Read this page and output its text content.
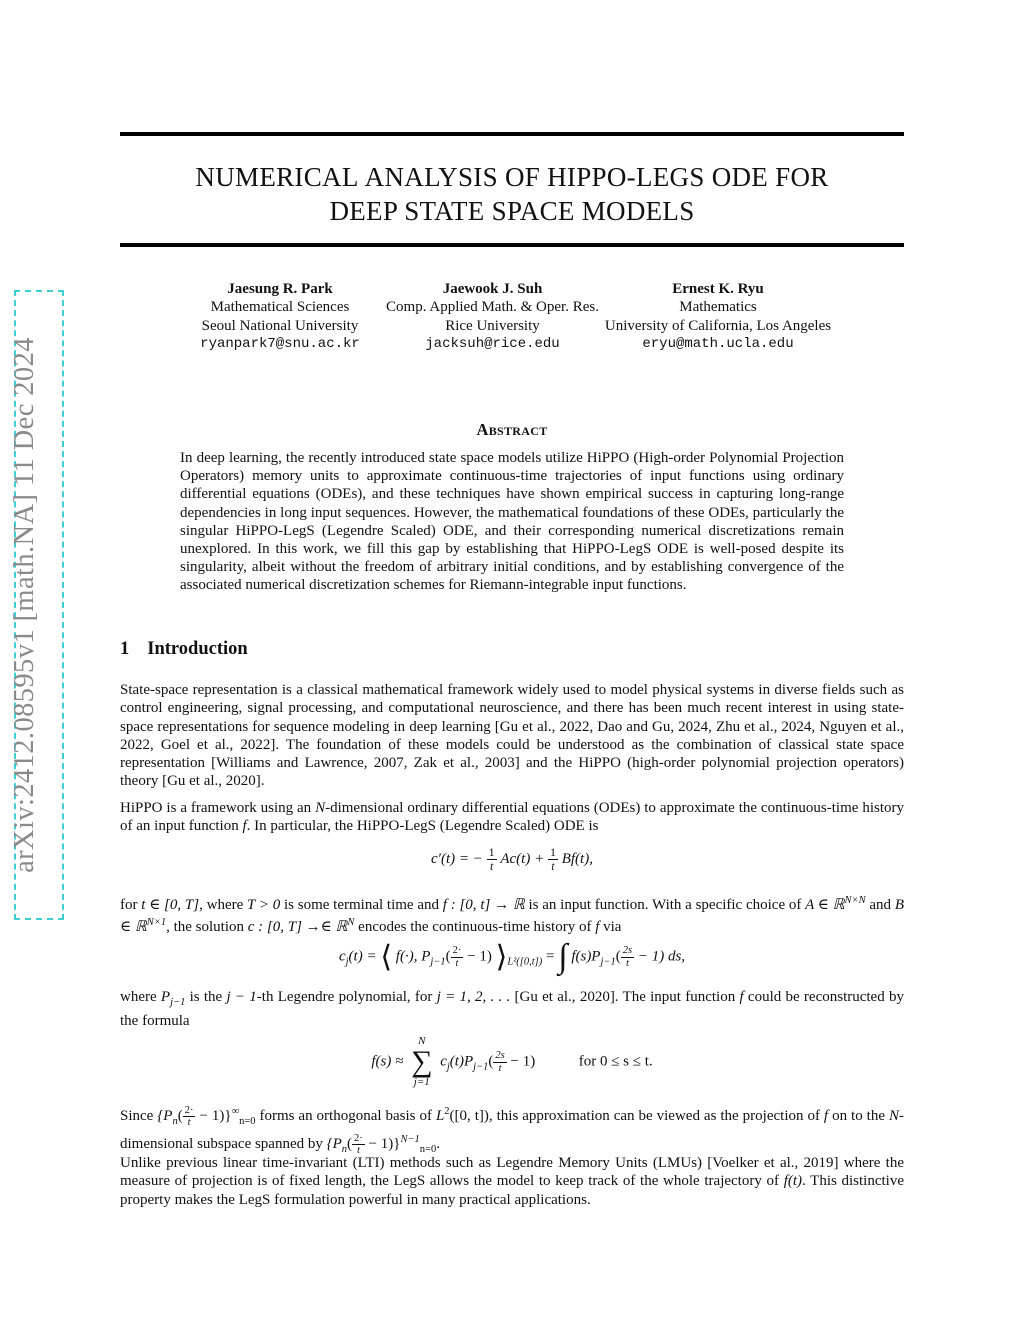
arXiv:2412.08595v1 [math.NA] 11 Dec 2024
NUMERICAL ANALYSIS OF HIPPO-LEGS ODE FOR
DEEP STATE SPACE MODELS
Jaesung R. Park
Mathematical Sciences
Seoul National University
ryanpark7@snu.ac.kr
Jaewook J. Suh
Comp. Applied Math. & Oper. Res.
Rice University
jacksuh@rice.edu
Ernest K. Ryu
Mathematics
University of California, Los Angeles
eryu@math.ucla.edu
Abstract
In deep learning, the recently introduced state space models utilize HiPPO (High-order Polynomial Projection Operators) memory units to approximate continuous-time trajectories of input functions using ordinary differential equations (ODEs), and these techniques have shown empirical success in capturing long-range dependencies in long input sequences. However, the mathematical foundations of these ODEs, particularly the singular HiPPO-LegS (Legendre Scaled) ODE, and their corresponding numerical discretizations remain unexplored. In this work, we fill this gap by establishing that HiPPO-LegS ODE is well-posed despite its singularity, albeit without the freedom of arbitrary initial conditions, and by establishing convergence of the associated numerical discretization schemes for Riemann-integrable input functions.
1 Introduction

State-space representation is a classical mathematical framework widely used to model physical systems in diverse fields such as control engineering, signal processing, and computational neuroscience, and there has been much recent interest in using state-space representations for sequence modeling in deep learning [Gu et al., 2022, Dao and Gu, 2024, Zhu et al., 2024, Nguyen et al., 2022, Goel et al., 2022]. The foundation of these models could be understood as the combination of classical state space representation [Williams and Lawrence, 2007, Zak et al., 2003] and the HiPPO (high-order polynomial projection operators) theory [Gu et al., 2020].

HiPPO is a framework using an N-dimensional ordinary differential equations (ODEs) to approximate the continuous-time history of an input function f. In particular, the HiPPO-LegS (Legendre Scaled) ODE is

c′(t) = − $\frac{1}{t} Ac(t) + \frac{1}{t} Bf(t)$,

for t ∈ [0, T], where T > 0 is some terminal time and f : [0, t] → ℝ is an input function. With a specific choice of A ∈ ℝ$^{N\times N}$ and B ∈ ℝ$^{N\times 1}$, the solution c : [0, T] →∈ ℝ$^N$ encodes the continuous-time history of f via

$c_j(t)$ = ⟨ f(·), $P_{j-1}( \frac{2\cdot}{t} - 1)$ $⟩_{L^2([0,t])}$ = ∫ $f(s)P_{j-1}( \frac{2s}{t} - 1)$ ds,

where $P_{j-1}$ is the j − 1-th Legendre polynomial, for j = 1, 2, . . . [Gu et al., 2020]. The input function f could be reconstructed by the formula

f(s) ≈
N
∑
j=1
$c_j(t)P_{j-1}( \frac{2s}{t} - 1)$	for 0 ≤ s ≤ t.

Since $\{P_n( \frac{2\cdot}{t} - 1)\}^\infty_{n=0}$ forms an orthogonal basis of $L^2([0$, t]), this approximation can be viewed as the projection of f on to the N-dimensional subspace spanned by $\{P_n( \frac{2\cdot}{t} - 1)\}^{N-1}_{n=0}$.

Unlike previous linear time-invariant (LTI) methods such as Legendre Memory Units (LMUs) [Voelker et al., 2019] where the measure of projection is of fixed length, the LegS allows the model to keep track of the whole trajectory of f(t). This distinctive property makes the LegS formulation powerful in many practical applications.
